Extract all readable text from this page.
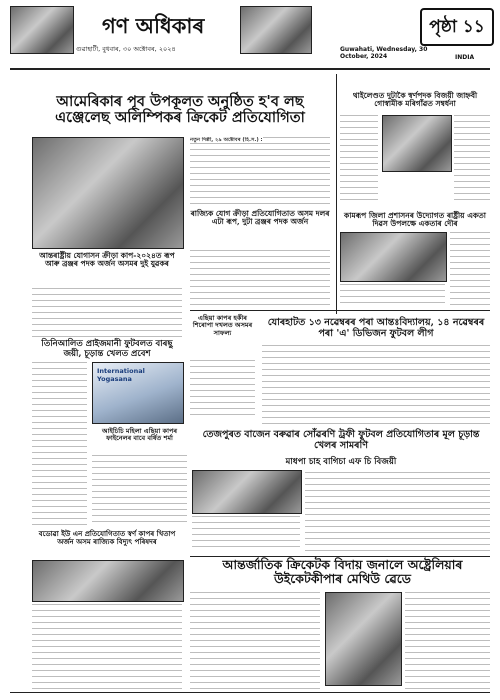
গণ অধিকাৰ
গুৱাহাটী, বুধবাৰ, ৩০ অক্টোবৰ, ২০২৪	Guwahati, Wednesday, 30 October, 2024
পৃষ্ঠা ১১
INDIA
আমেৰিকাৰ পূব উপকূলত অনুষ্ঠিত হ'ব লছ এঞ্জেলেছ অলিম্পিকৰ ক্ৰিকেট প্ৰতিযোগিতা
নতুন দিল্লী, ২৯ অক্টোবৰ (হি.স.) :
ৰাজ্যিক যোগ ক্ৰীড়া প্ৰতিযোগিতাত অসম দলৰ এটা ৰূপ, দুটা ব্ৰঞ্জৰ পদক অৰ্জন
আন্তৰাষ্ট্ৰীয় যোগাসন ক্ৰীড়া কাপ-২০২৪ত ৰূপ আৰু ব্ৰঞ্জৰ পদক অৰ্জন অসমৰ দুই যুৱকৰ
তিনিআলিত প্ৰাইজমানী ফুটবলত বাৰছু জয়ী, চূড়ান্ত খেলত প্ৰবেশ
International Yogasana
এছিয়া কাপৰ হকীৰ শিৰোপা দখলত অসমৰ সাফল্য
আইচিচি মহিলা এছিয়া কাপৰ ফাইনেলৰ বাবে বৰ্ষিত শৰ্মা
বডোৱা ইউ এন প্ৰতিযোগিতাত স্বৰ্ণ কাপৰ খিতাপ অৰ্জন অসম ৰাজ্যিক বিদ্যুৎ পৰিষদৰ
থাইলেণ্ডত দুটাকৈ স্বৰ্ণপদক বিজয়ী জাহ্নবী গোস্বামীক মৰিগাঁৱত সম্বৰ্ধনা
কামৰূপ জিলা প্ৰশাসনৰ উদ্যোগত ৰাষ্ট্ৰীয় একতা দিৱস উপলক্ষে একতাৰ দৌৰ
যোৰহাটত ১৩ নৱেম্বৰৰ পৰা আন্তঃবিদ্যালয়, ১৪ নৱেম্বৰৰ পৰা 'এ' ডিভিজন ফুটবল লীগ
তেজপুৰত বাজেন বৰুৱাৰ সোঁৱৰণি ট্ৰফী ফুটবল প্ৰতিযোগিতাৰ মূল চূড়ান্ত খেলৰ সামৰণি
মাধপা চাহ বাগিচা এফ চি বিজয়ী
আন্তৰ্জাতিক ক্ৰিকেটক বিদায় জনালে অষ্ট্ৰেলিয়াৰ উইকেটকীপাৰ মেথিউ ৱেডে
